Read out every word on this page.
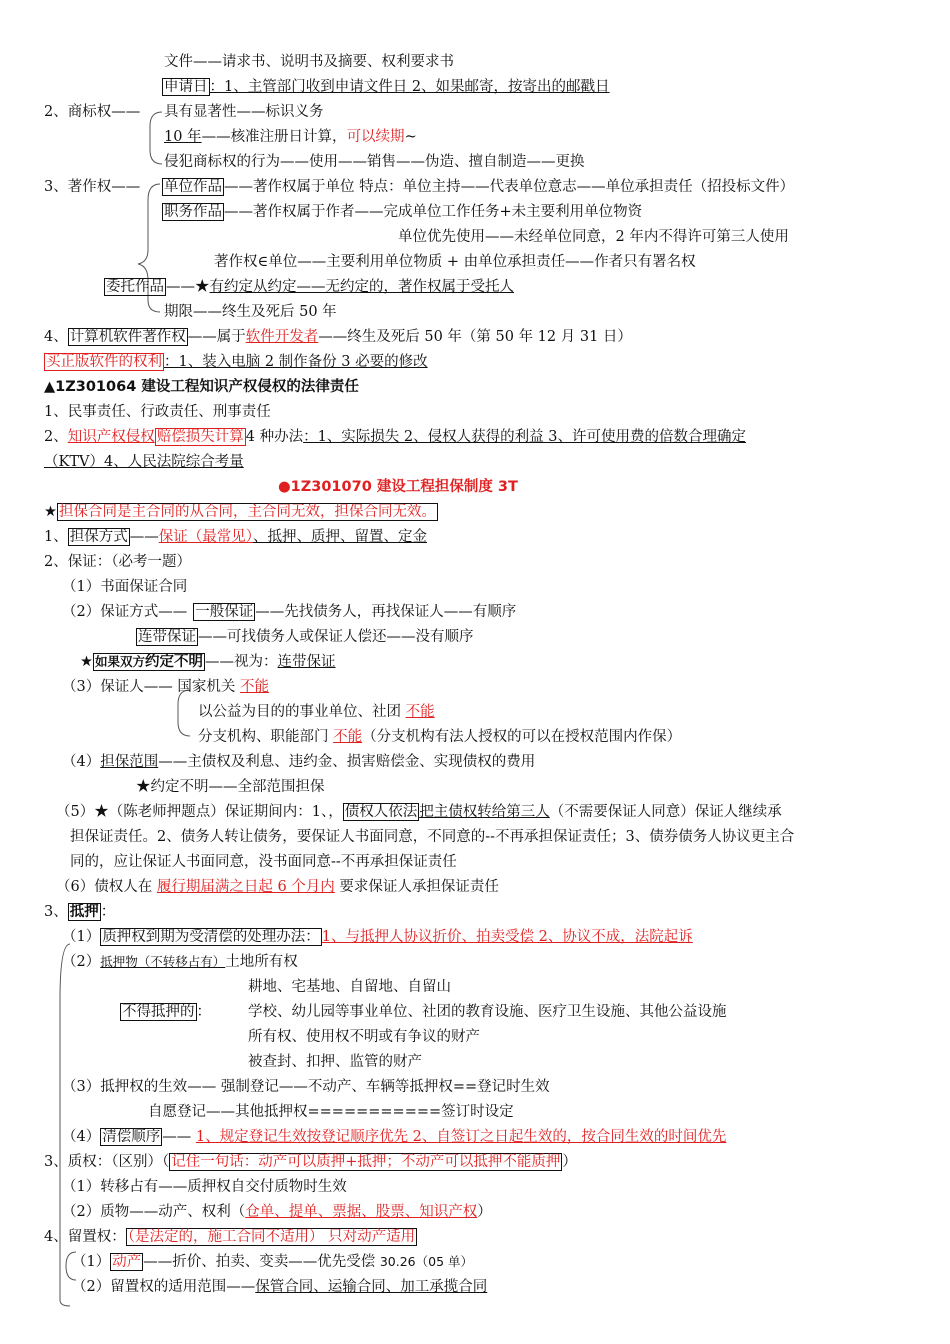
文件——请求书、说明书及摘要、权利要求书
申请日 ：1、主管部门收到申请文件日 2、如果邮寄，按寄出的邮戳日
2、商标权—— 具有显著性——标识义务
10 年——核准注册日计算，可以续期~
侵犯商标权的行为——使用——销售——伪造、擅自制造——更换
3、著作权—— 单位作品 ——著作权属于单位 特点：单位主持——代表单位意志——单位承担责任（招投标文件）
职务作品 ——著作权属于作者——完成单位工作任务+未主要利用单位物资
单位优先使用——未经单位同意，2 年内不得许可第三人使用
著作权∈单位——主要利用单位物质 + 由单位承担责任——作者只有署名权
委托作品 ——★有约定从约定——无约定的，著作权属于受托人
期限——终生及死后 50 年
4、 计算机软件著作权 ——属于软件开发者——终生及死后 50 年（第 50 年 12 月 31 日）
买正版软件的权利 ：1、装入电脑 2 制作备份 3 必要的修改
▲1Z301064 建设工程知识产权侵权的法律责任
1、民事责任、行政责任、刑事责任
2、知识产权侵权 赔偿损失计算 4 种办法：1、实际损失 2、侵权人获得的利益 3、许可使用费的倍数合理确定
（KTV）4、人民法院综合考量
●1Z301070 建设工程担保制度 3T
★ 担保合同是主合同的从合同，主合同无效，担保合同无效。
1、 担保方式 ——保证（最常见）、抵押、质押、留置、定金
2、保证：（必考一题）
（1）书面保证合同
（2）保证方式—— 一般保证 ——先找债务人，再找保证人——有顺序
连带保证 ——可找债务人或保证人偿还——没有顺序
★ 如果双方约定不明 ——视为：连带保证
（3）保证人—— 国家机关 不能
以公益为目的的事业单位、社团 不能
分支机构、职能部门 不能（分支机构有法人授权的可以在授权范围内作保）
（4）担保范围——主债权及利息、违约金、损害赔偿金、实现债权的费用
★约定不明——全部范围担保
（5）★（陈老师押题点）保证期间内：1、， 债权人依法 把主债权转给第三人（不需要保证人同意）保证人继续承
担保证责任。2、债务人转让债务，要保证人书面同意，不同意的--不再承担保证责任；3、债券债务人协议更主合
同的，应让保证人书面同意，没书面同意--不再承担保证责任
（6）债权人在 履行期届满之日起 6 个月内 要求保证人承担保证责任
3、 抵押 ：
（1） 质押权到期为受清偿的处理办法： 1、与抵押人协议折价、拍卖受偿 2、协议不成，法院起诉
（2）抵押物（不转移占有）土地所有权
耕地、宅基地、自留地、自留山
不得抵押的 ：	学校、幼儿园等事业单位、社团的教育设施、医疗卫生设施、其他公益设施
所有权、使用权不明或有争议的财产
被查封、扣押、监管的财产
（3）抵押权的生效—— 强制登记——不动产、车辆等抵押权==登记时生效
自愿登记——其他抵押权===========签订时设定
（4） 清偿顺序 —— 1、规定登记生效按登记顺序优先 2、自签订之日起生效的，按合同生效的时间优先
3、质权：（区别）（ 记住一句话：动产可以质押+抵押；不动产可以抵押不能质押 ）
（1）转移占有——质押权自交付质物时生效
（2）质物——动产、权利（仓单、提单、票据、股票、知识产权）
4、留置权： （是法定的，施工合同不适用） 只对动产适用
（1） 动产 ——折价、拍卖、变卖——优先受偿 30.26（05 单）
（2）留置权的适用范围——保管合同、运输合同、加工承揽合同
